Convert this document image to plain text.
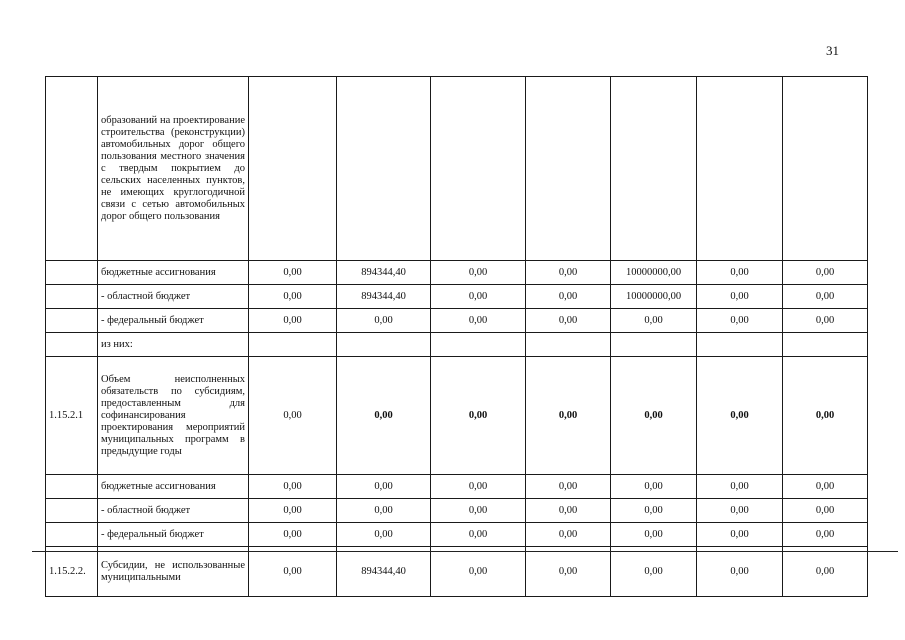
31
	образований на проектирование строительства (реконструкции) автомобильных дорог общего пользования местного значения с твердым покрытием до сельских населенных пунктов, не имеющих круглогодичной связи с сетью автомобильных дорог общего пользования							
	бюджетные ассигнования	0,00	894344,40	0,00	0,00	10000000,00	0,00	0,00
	- областной бюджет	0,00	894344,40	0,00	0,00	10000000,00	0,00	0,00
	- федеральный бюджет	0,00	0,00	0,00	0,00	0,00	0,00	0,00
	из них:							
1.15.2.1	Объем неисполненных обязательств по субсидиям, предоставленным для софинансирования проектирования мероприятий муниципальных программ в предыдущие годы	0,00	0,00	0,00	0,00	0,00	0,00	0,00
	бюджетные ассигнования	0,00	0,00	0,00	0,00	0,00	0,00	0,00
	- областной бюджет	0,00	0,00	0,00	0,00	0,00	0,00	0,00
	- федеральный бюджет	0,00	0,00	0,00	0,00	0,00	0,00	0,00
1.15.2.2.	Субсидии, не использованные муниципальными	0,00	894344,40	0,00	0,00	0,00	0,00	0,00
